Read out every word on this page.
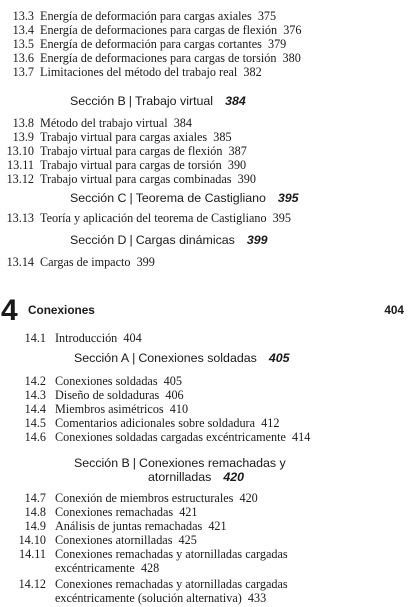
13.3 Energía de deformación para cargas axiales 375
13.4 Energía de deformaciones para cargas de flexión 376
13.5 Energía de deformación para cargas cortantes 379
13.6 Energía de deformaciones para cargas de torsión 380
13.7 Limitaciones del método del trabajo real 382
Sección B | Trabajo virtual 384
13.8 Método del trabajo virtual 384
13.9 Trabajo virtual para cargas axiales 385
13.10 Trabajo virtual para cargas de flexión 387
13.11 Trabajo virtual para cargas de torsión 390
13.12 Trabajo virtual para cargas combinadas 390
Sección C | Teorema de Castigliano 395
13.13 Teoría y aplicación del teorema de Castigliano 395
Sección D | Cargas dinámicas 399
13.14 Cargas de impacto 399
4 Conexiones	404
14.1 Introducción 404
Sección A | Conexiones soldadas 405
14.2 Conexiones soldadas 405
14.3 Diseño de soldaduras 406
14.4 Miembros asimétricos 410
14.5 Comentarios adicionales sobre soldadura 412
14.6 Conexiones soldadas cargadas excéntricamente 414
Sección B | Conexiones remachadas y
atornilladas 420
14.7 Conexión de miembros estructurales 420
14.8 Conexiones remachadas 421
14.9 Análisis de juntas remachadas 421
14.10 Conexiones atornilladas 425
14.11 Conexiones remachadas y atornilladas cargadas
excéntricamente 428
14.12 Conexiones remachadas y atornilladas cargadas
excéntricamente (solución alternativa) 433
